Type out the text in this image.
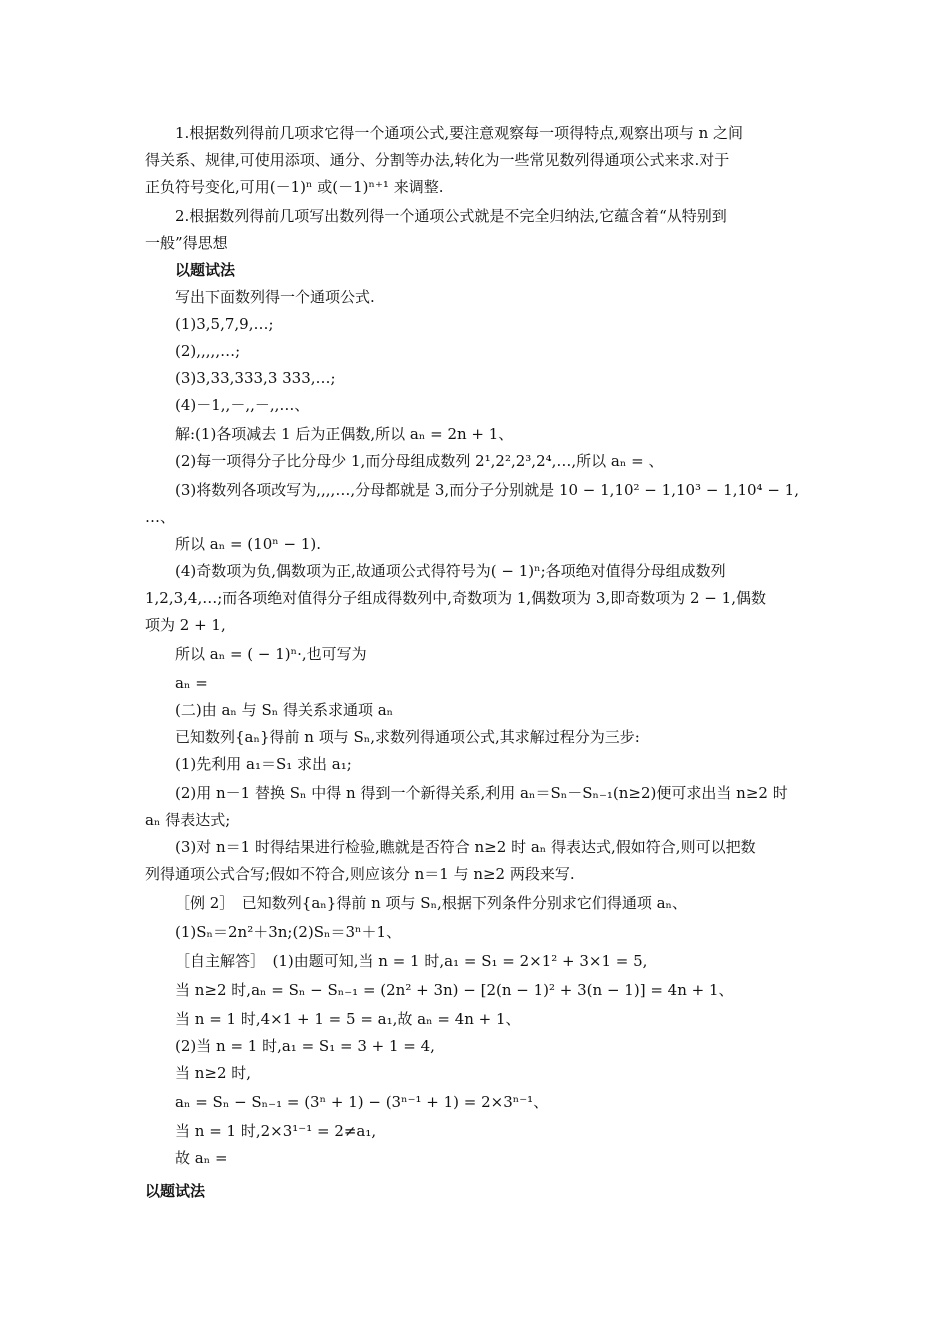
1.根据数列得前几项求它得一个通项公式,要注意观察每一项得特点,观察出项与 n 之间
得关系、规律,可使用添项、通分、分割等办法,转化为一些常见数列得通项公式来求.对于
正负符号变化,可用(－1)ⁿ 或(－1)ⁿ⁺¹ 来调整.
2.根据数列得前几项写出数列得一个通项公式就是不完全归纳法,它蕴含着“从特别到
一般”得思想
以题试法
写出下面数列得一个通项公式.
(1)3,5,7,9,…;
(2),,,,,…;
(3)3,33,333,3 333,…;
(4)－1,,－,,－,,…、
解:(1)各项减去 1 后为正偶数,所以 aₙ = 2n + 1、
(2)每一项得分子比分母少 1,而分母组成数列 2¹,2²,2³,2⁴,…,所以 aₙ = 、
(3)将数列各项改写为,,,,…,分母都就是 3,而分子分别就是 10 − 1,10² − 1,10³ − 1,10⁴ − 1,
…、
所以 aₙ = (10ⁿ − 1).
(4)奇数项为负,偶数项为正,故通项公式得符号为( − 1)ⁿ;各项绝对值得分母组成数列
1,2,3,4,…;而各项绝对值得分子组成得数列中,奇数项为 1,偶数项为 3,即奇数项为 2 − 1,偶数
项为 2 + 1,
所以 aₙ = ( − 1)ⁿ·,也可写为
aₙ =
(二)由 aₙ 与 Sₙ 得关系求通项 aₙ
已知数列{aₙ}得前 n 项与 Sₙ,求数列得通项公式,其求解过程分为三步:
(1)先利用 a₁＝S₁ 求出 a₁;
(2)用 n－1 替换 Sₙ 中得 n 得到一个新得关系,利用 aₙ＝Sₙ－Sₙ₋₁(n≥2)便可求出当 n≥2 时
aₙ 得表达式;
(3)对 n＝1 时得结果进行检验,瞧就是否符合 n≥2 时 aₙ 得表达式,假如符合,则可以把数
列得通项公式合写;假如不符合,则应该分 n＝1 与 n≥2 两段来写.
［例 2］　已知数列{aₙ}得前 n 项与 Sₙ,根据下列条件分别求它们得通项 aₙ、
(1)Sₙ＝2n²＋3n;(2)Sₙ＝3ⁿ＋1、
［自主解答］　(1)由题可知,当 n = 1 时,a₁ = S₁ = 2×1² + 3×1 = 5,
当 n≥2 时,aₙ = Sₙ − Sₙ₋₁ = (2n² + 3n) − [2(n − 1)² + 3(n − 1)] = 4n + 1、
当 n = 1 时,4×1 + 1 = 5 = a₁,故 aₙ = 4n + 1、
(2)当 n = 1 时,a₁ = S₁ = 3 + 1 = 4,
当 n≥2 时,
aₙ = Sₙ − Sₙ₋₁ = (3ⁿ + 1) − (3ⁿ⁻¹ + 1) = 2×3ⁿ⁻¹、
当 n = 1 时,2×3¹⁻¹ = 2≠a₁,
故 aₙ =
以题试法
